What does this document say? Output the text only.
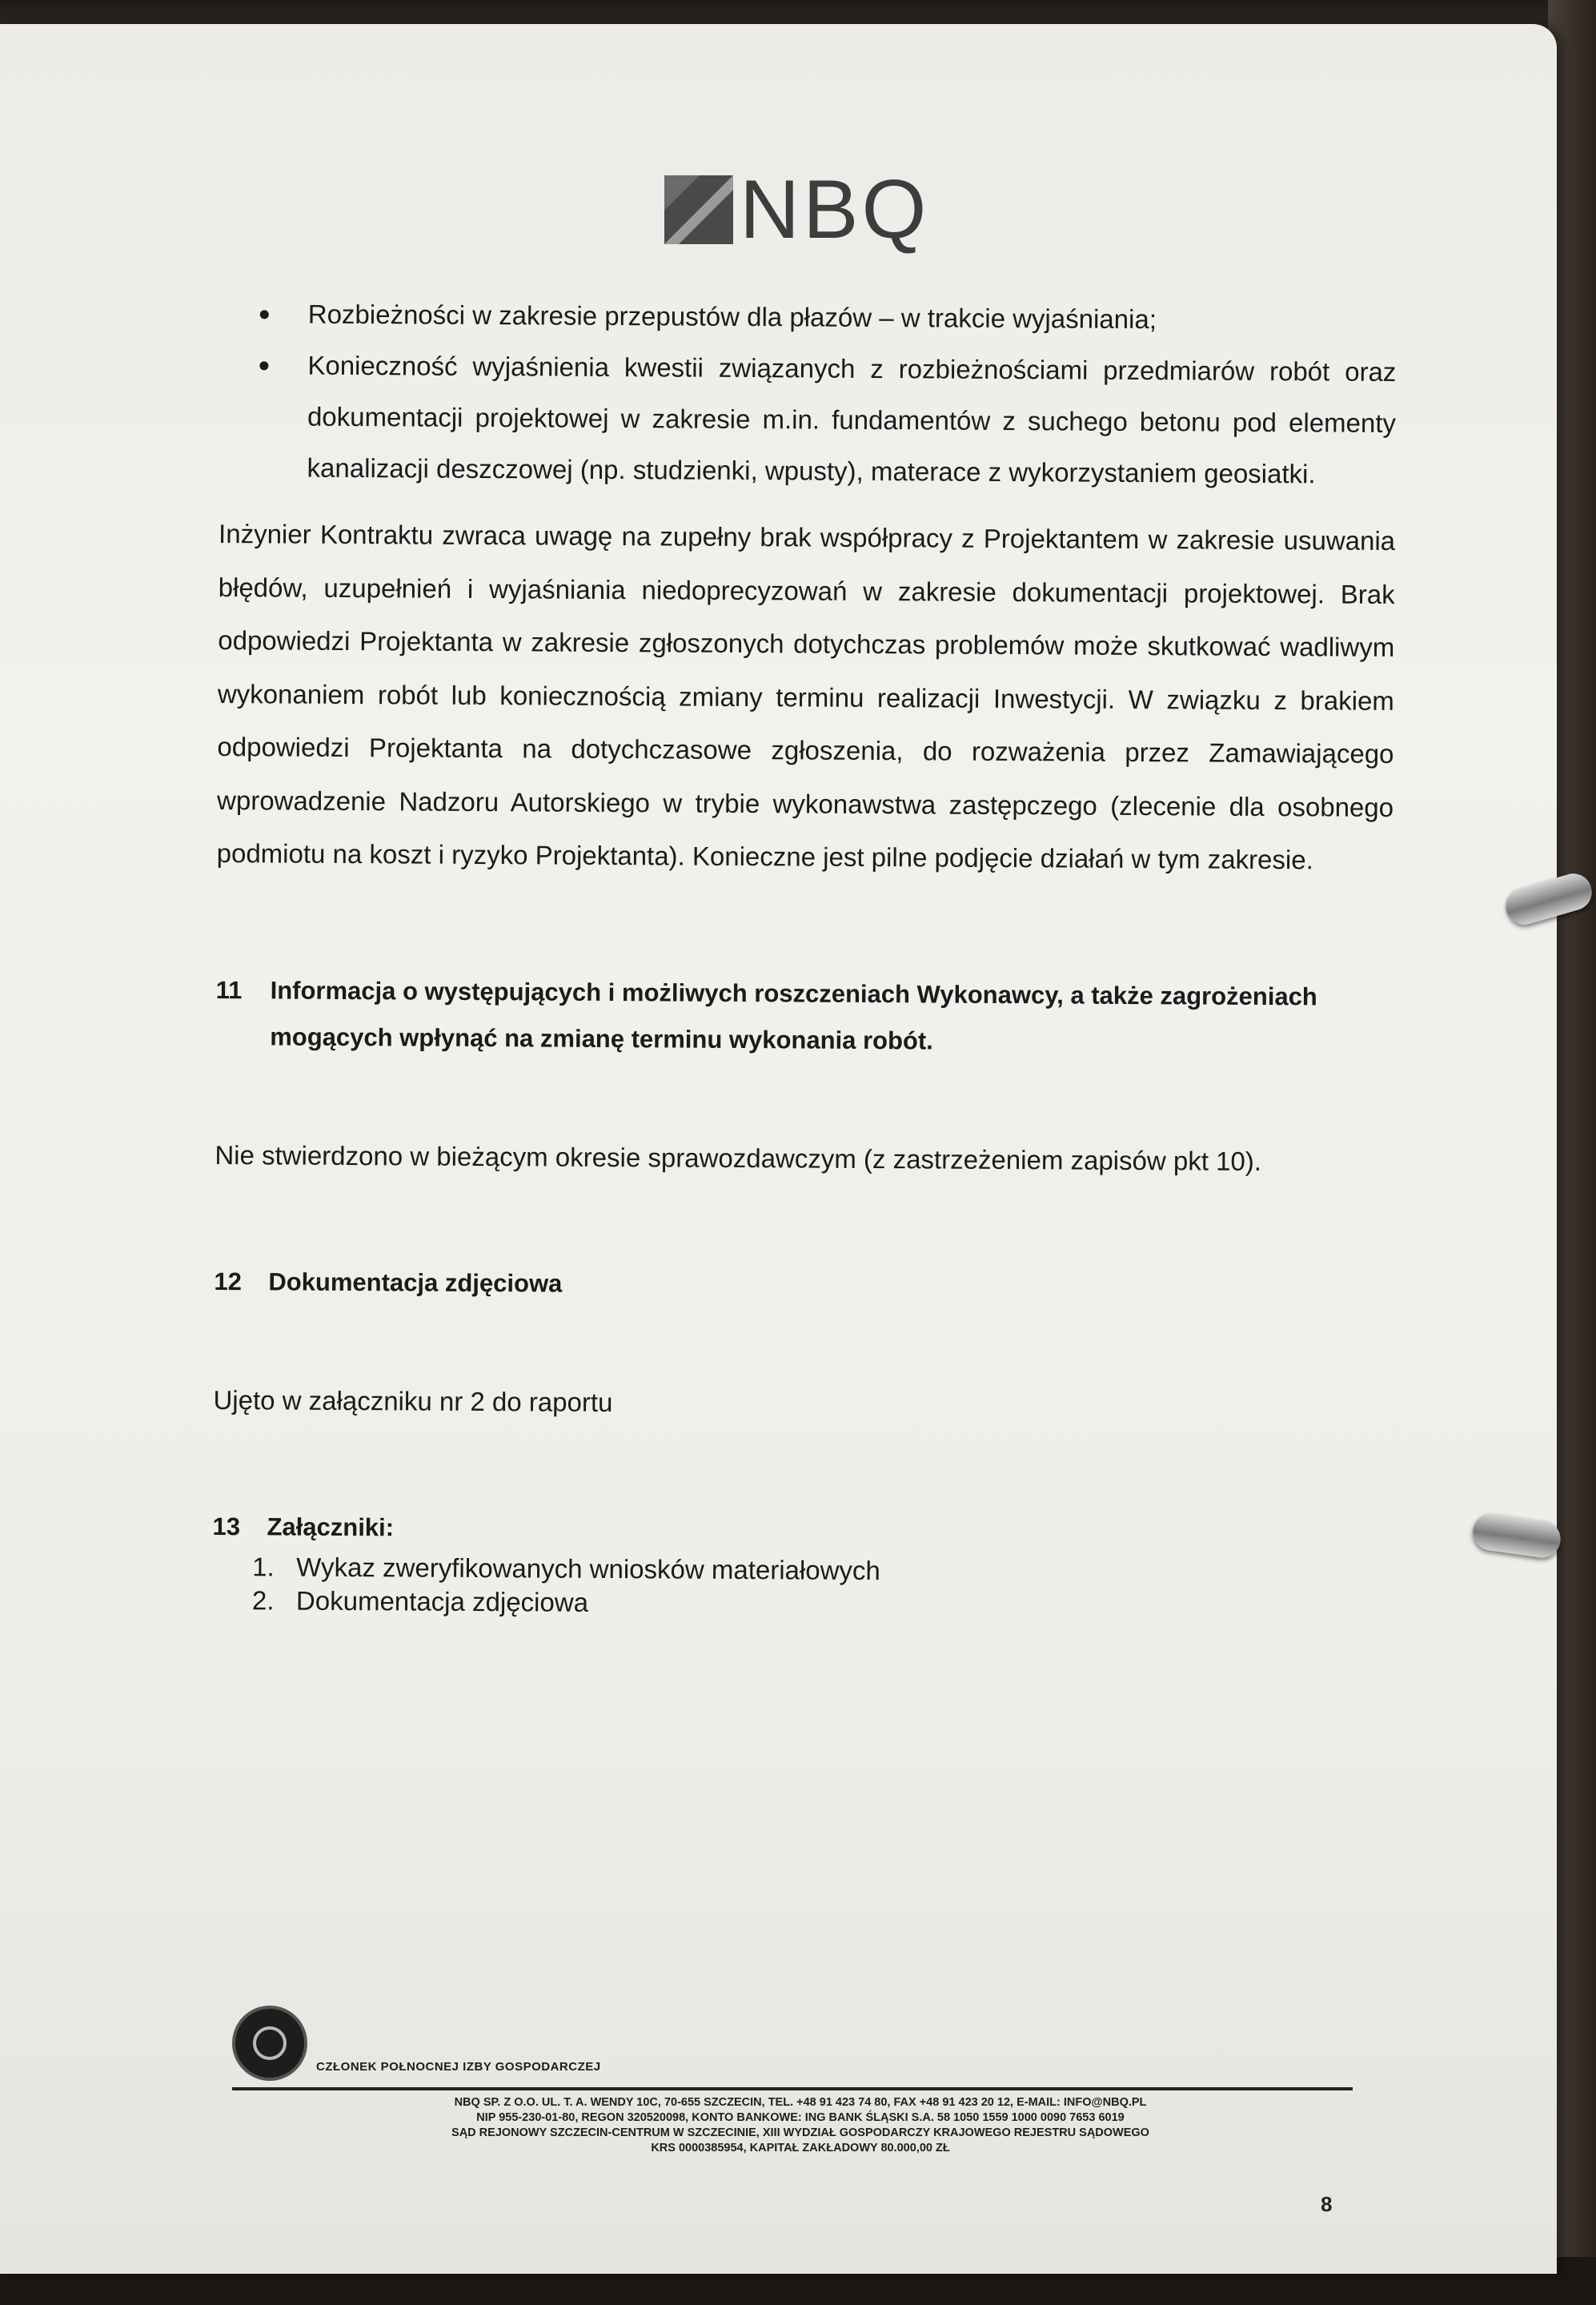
NBQ
Rozbieżności w zakresie przepustów dla płazów – w trakcie wyjaśniania;
Konieczność wyjaśnienia kwestii związanych z rozbieżnościami przedmiarów robót oraz dokumentacji projektowej w zakresie m.in. fundamentów z suchego betonu pod elementy kanalizacji deszczowej (np. studzienki, wpusty), materace z wykorzystaniem geosiatki.

Inżynier Kontraktu zwraca uwagę na zupełny brak współpracy z Projektantem w zakresie usuwania błędów, uzupełnień i wyjaśniania niedoprecyzowań w zakresie dokumentacji projektowej. Brak odpowiedzi Projektanta w zakresie zgłoszonych dotychczas problemów może skutkować wadliwym wykonaniem robót lub koniecznością zmiany terminu realizacji Inwestycji. W związku z brakiem odpowiedzi Projektanta na dotychczasowe zgłoszenia, do rozważenia przez Zamawiającego wprowadzenie Nadzoru Autorskiego w trybie wykonawstwa zastępczego (zlecenie dla osobnego podmiotu na koszt i ryzyko Projektanta). Konieczne jest pilne podjęcie działań w tym zakresie.

11	Informacja o występujących i możliwych roszczeniach Wykonawcy, a także zagrożeniach mogących wpłynąć na zmianę terminu wykonania robót.
Nie stwierdzono w bieżącym okresie sprawozdawczym (z zastrzeżeniem zapisów pkt 10).
12	Dokumentacja zdjęciowa
Ujęto w załączniku nr 2 do raportu
13	Załączniki:
1. Wykaz zweryfikowanych wniosków materiałowych
2. Dokumentacja zdjęciowa
CZŁONEK POŁNOCNEJ IZBY GOSPODARCZEJ
NBQ SP. Z O.O. UL. T. A. WENDY 10C, 70-655 SZCZECIN, TEL. +48 91 423 74 80, FAX +48 91 423 20 12, E-MAIL: INFO@NBQ.PL
NIP 955-230-01-80, REGON 320520098, KONTO BANKOWE: ING BANK ŚLĄSKI S.A. 58 1050 1559 1000 0090 7653 6019
SĄD REJONOWY SZCZECIN-CENTRUM W SZCZECINIE, XIII WYDZIAŁ GOSPODARCZY KRAJOWEGO REJESTRU SĄDOWEGO
KRS 0000385954, KAPITAŁ ZAKŁADOWY 80.000,00 ZŁ
8
